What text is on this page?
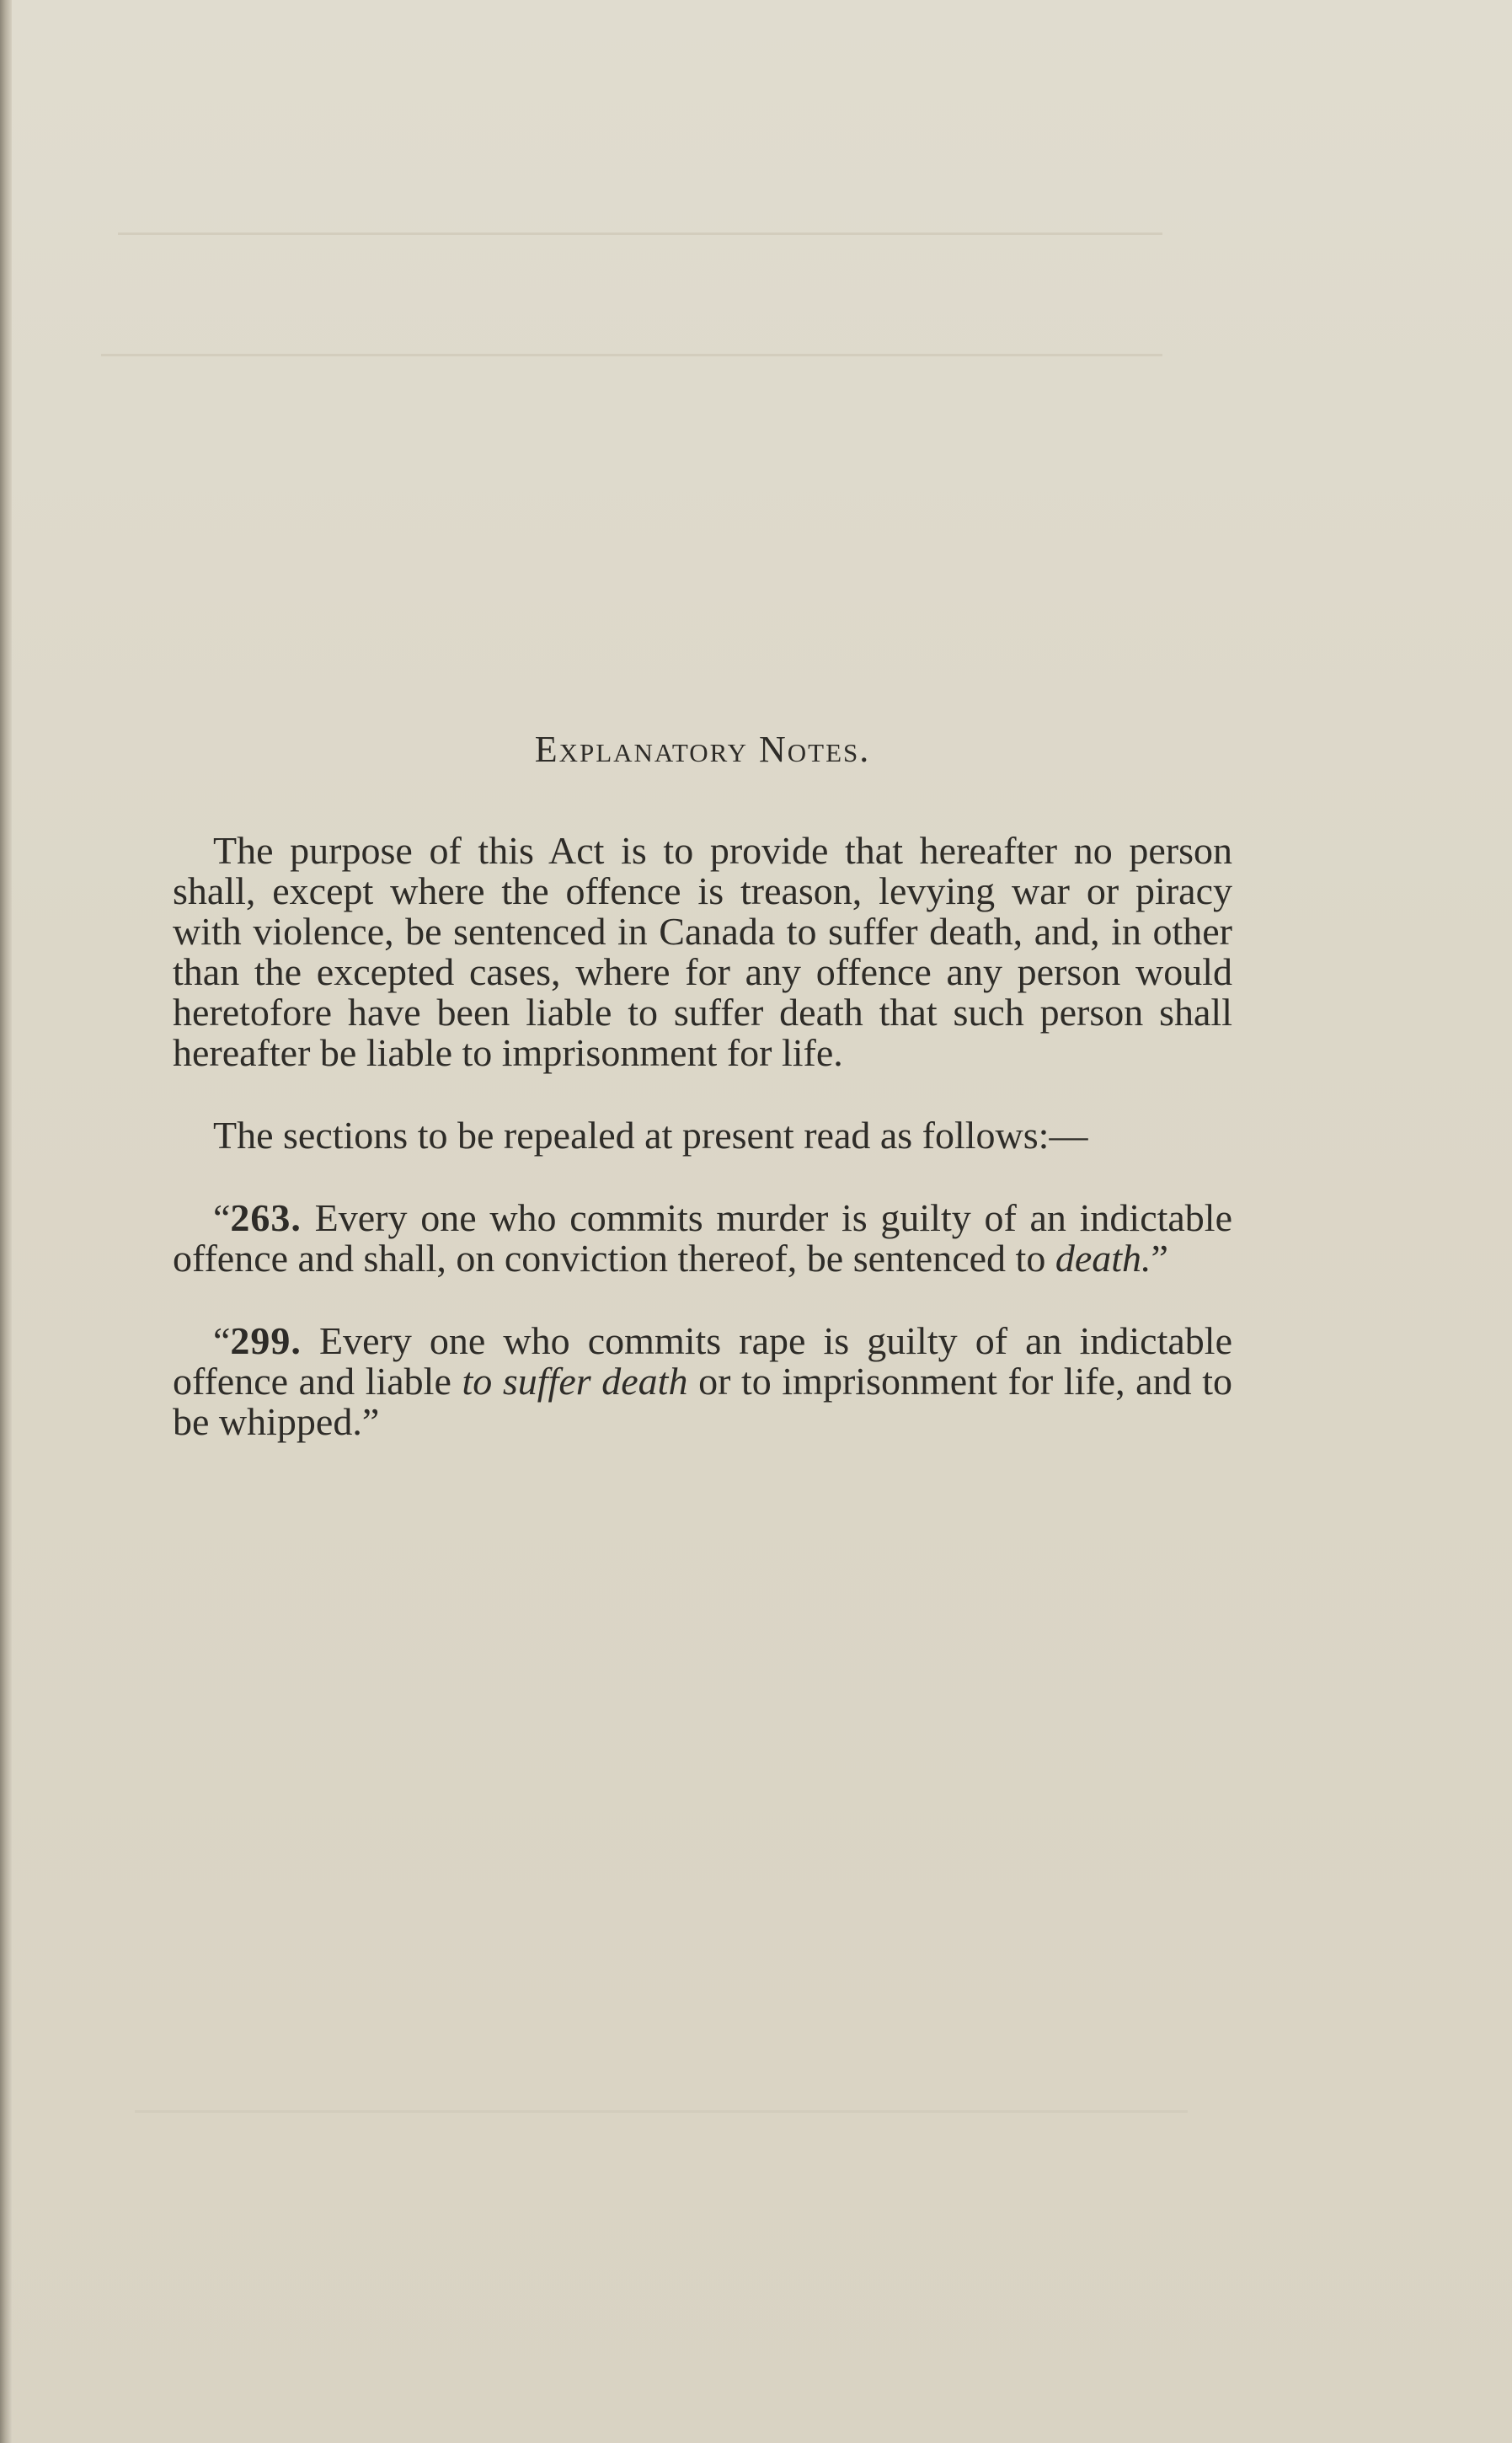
Explanatory Notes.

The purpose of this Act is to provide that hereafter no person shall, except where the offence is treason, levying war or piracy with violence, be sentenced in Canada to suffer death, and, in other than the excepted cases, where for any offence any person would heretofore have been liable to suffer death that such person shall hereafter be liable to imprisonment for life.

The sections to be repealed at present read as follows:—

“263. Every one who commits murder is guilty of an indictable offence and shall, on conviction thereof, be sentenced to death.”

“299. Every one who commits rape is guilty of an indictable offence and liable to suffer death or to imprisonment for life, and to be whipped.”
